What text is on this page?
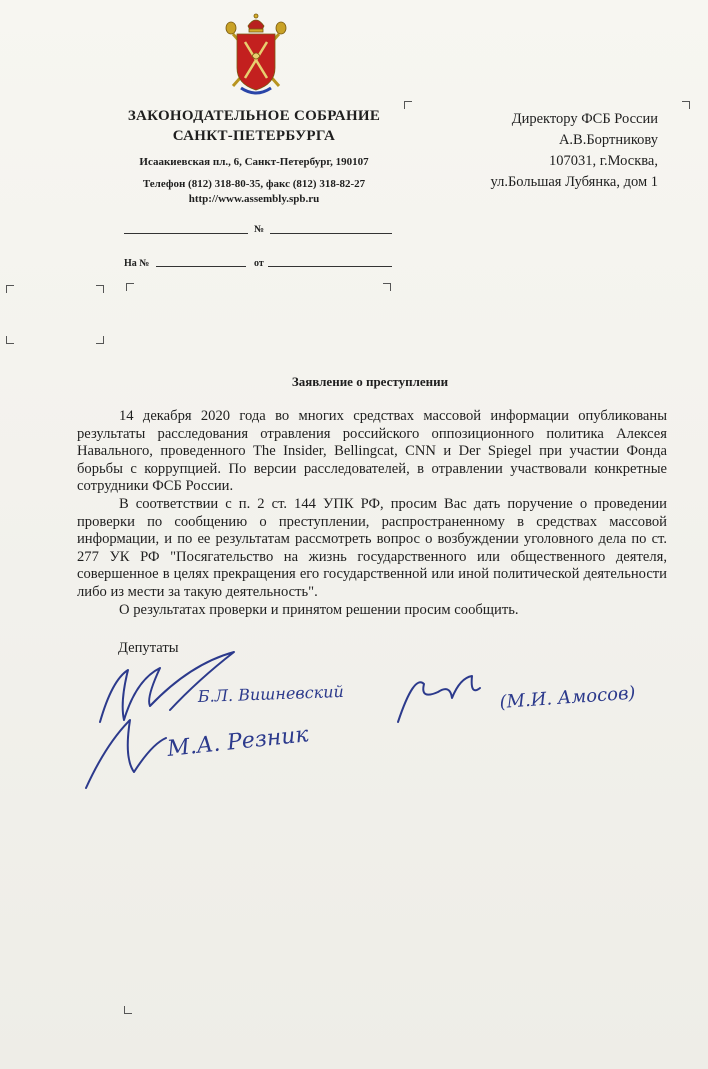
ЗАКОНОДАТЕЛЬНОЕ СОБРАНИЕ
САНКТ-ПЕТЕРБУРГА
Исаакиевская пл., 6, Санкт-Петербург, 190107
Телефон (812) 318-80-35, факс (812) 318-82-27
http://www.assembly.spb.ru
№
На №	от
Директору ФСБ России
А.В.Бортникову
107031, г.Москва,
ул.Большая Лубянка, дом 1
Заявление о преступлении

14 декабря 2020 года во многих средствах массовой информации опубликованы результаты расследования отравления российского оппозиционного политика Алексея Навального, проведенного The Insider, Bellingcat, CNN и Der Spiegel при участии Фонда борьбы с коррупцией. По версии расследователей, в отравлении участвовали конкретные сотрудники ФСБ России.

В соответствии с п. 2 ст. 144 УПК РФ, просим Вас дать поручение о проведении проверки по сообщению о преступлении, распространенному в средствах массовой информации, и по ее результатам рассмотреть вопрос о возбуждении уголовного дела по ст. 277 УК РФ "Посягательство на жизнь государственного или общественного деятеля, совершенное в целях прекращения его государственной или иной политической деятельности либо из мести за такую деятельность".

О результатах проверки и принятом решении просим сообщить.

Депутаты
Б.Л. Вишневский
М.А. Резник
(М.И. Амосов)
